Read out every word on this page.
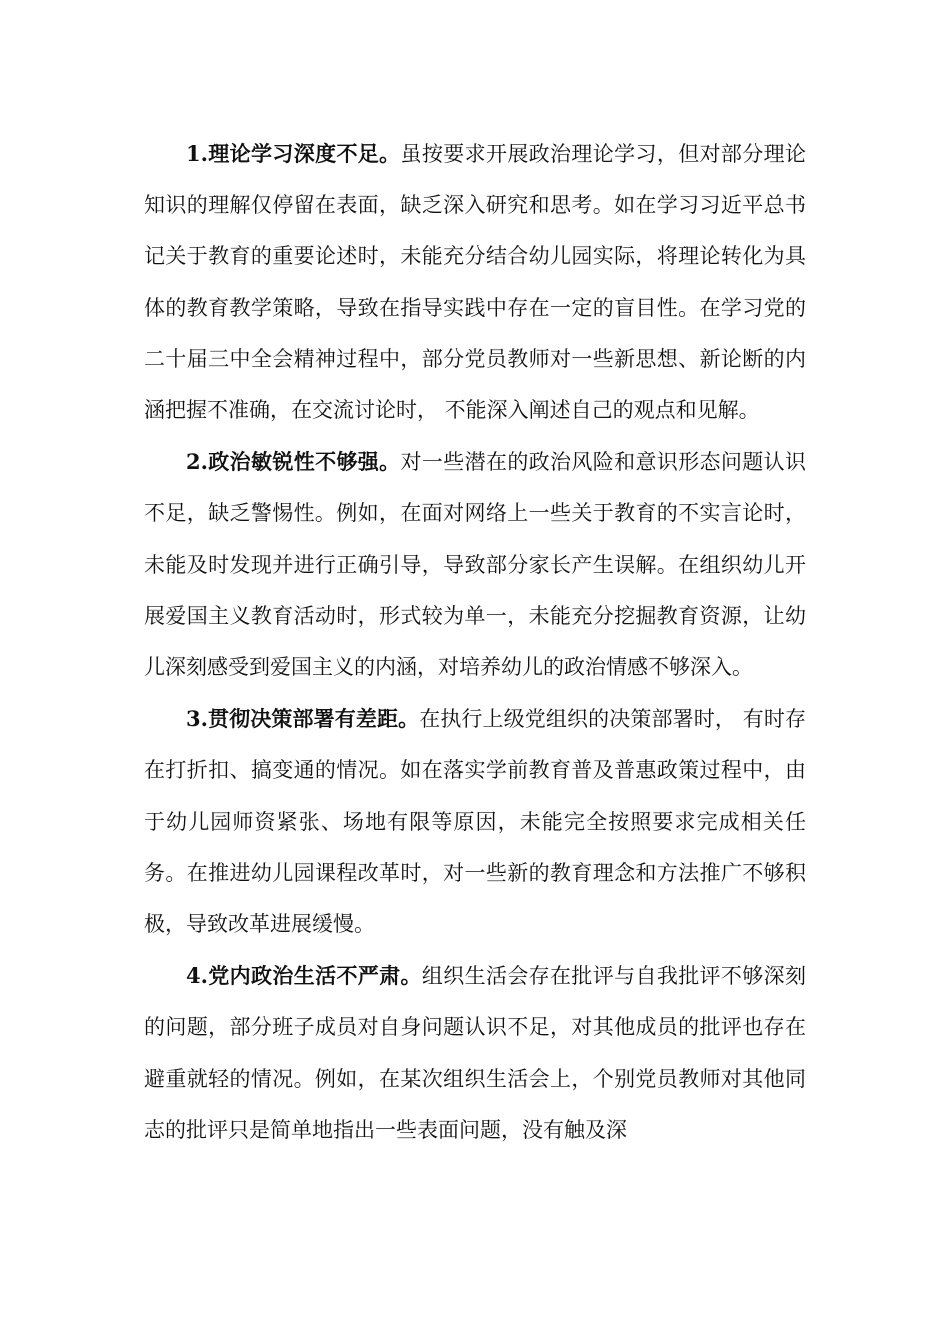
1.理论学习深度不足。虽按要求开展政治理论学习，但对部分理论知识的理解仅停留在表面，缺乏深入研究和思考。如在学习习近平总书记关于教育的重要论述时，未能充分结合幼儿园实际，将理论转化为具体的教育教学策略，导致在指导实践中存在一定的盲目性。在学习党的二十届三中全会精神过程中，部分党员教师对一些新思想、新论断的内涵把握不准确，在交流讨论时， 不能深入阐述自己的观点和见解。

2.政治敏锐性不够强。对一些潜在的政治风险和意识形态问题认识不足，缺乏警惕性。例如，在面对网络上一些关于教育的不实言论时，未能及时发现并进行正确引导，导致部分家长产生误解。在组织幼儿开展爱国主义教育活动时，形式较为单一，未能充分挖掘教育资源，让幼儿深刻感受到爱国主义的内涵，对培养幼儿的政治情感不够深入。

3.贯彻决策部署有差距。在执行上级党组织的决策部署时， 有时存在打折扣、搞变通的情况。如在落实学前教育普及普惠政策过程中，由于幼儿园师资紧张、场地有限等原因，未能完全按照要求完成相关任务。在推进幼儿园课程改革时，对一些新的教育理念和方法推广不够积极，导致改革进展缓慢。

4.党内政治生活不严肃。组织生活会存在批评与自我批评不够深刻的问题，部分班子成员对自身问题认识不足，对其他成员的批评也存在避重就轻的情况。例如，在某次组织生活会上，个别党员教师对其他同志的批评只是简单地指出一些表面问题，没有触及深
